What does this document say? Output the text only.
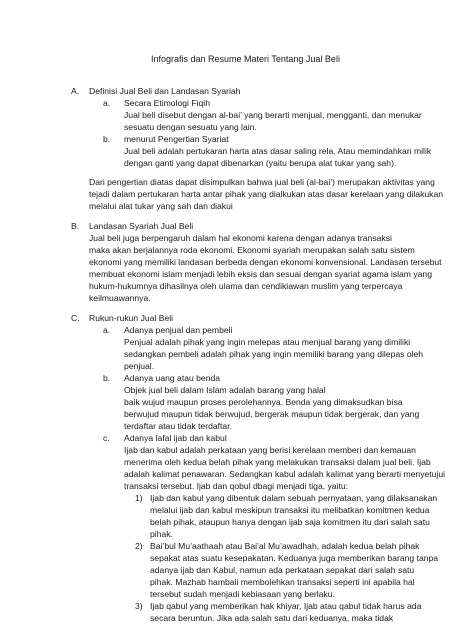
Infografis dan Resume Materi Tentang Jual Beli
A. Definisi Jual Beli dan Landasan Syariah
a. Secara Etimologi Fiqih
Jual beli disebut dengan al-bai’ yang berarti menjual, mengganti, dan menukar
sesuatu dengan sesuatu yang lain.
b. menurut Pengertian Syariat
Jual beli adalah pertukaran harta atas dasar saling rela. Atau memindahkan milik
dengan ganti yang dapat dibenarkan (yaitu berupa alat tukar yang sah).
Dari pengertian diatas dapat disimpulkan bahwa jual beli (al-bai’) merupakan aktivitas yang
tejadi dalam pertukaran harta antar pihak yang dialkukan atas dasar kerelaan yang dilakukan
melalui alat tukar yang sah dan diakui
B. Landasan Syariah Jual Beli
Jual beli juga berpengaruh dalam hal ekonomi karena dengan adanya transaksi
maka akan berjalannya roda ekonomi. Ekonomi syariah merupakan salah satu sistem
ekonomi yang memiliki landasan berbeda dengan ekonomi konvensional. Landasan tersebut
membuat ekonomi islam menjadi lebih eksis dan sesuai dengan syariat agama islam yang
hukum-hukumnya dihasilnya oleh ulama dan cendikiawan muslim yang terpercaya
keilmuawannya.
C. Rukun-rukun Jual Beli
a. Adanya penjual dan pembeli
Penjual adalah pihak yang ingin melepas atau menjual barang yang dimiliki
sedangkan pembeli adalah pihak yang ingin memiliki barang yang dilepas oleh
penjual.
b. Adanya uang atau benda
Objek jual beli dalam Islam adalah barang yang halal
baik wujud maupun proses perolehannya. Benda yang dimaksudkan bisa
berwujud maupun tidak berwujud, bergerak maupun tidak bergerak, dan yang
terdaftar atau tidak terdaftar.
c. Adanya lafal ijab dan kabul
Ijab dan kabul adalah perkataan yang berisi kerelaan memberi dan kemauan
menerima oleh kedua belah pihak yang melakukan transaksi dalam jual beli. Ijab
adalah kalimat penawaran. Sedangkan kabul adalah kalimat yang berarti menyetujui
transaksi tersebut. Ijab dan qobul dbagi menjadi tiga, yaitu:
1) Ijab dan kabul yang dibentuk dalam sebuah pernyataan, yang dilaksanakan
melalui ijab dan kabul meskipun transaksi itu melibatkan komitmen kedua
belah pihak, ataupun hanya dengan ijab saja komitmen itu dari salah satu
pihak.
2) Bai’bul Mu’aathaah atau Bai’al Mu’awadhah, adalah kedua belah pihak
sepakat atas suatu kesepakatan. Keduanya juga memberikan barang tanpa
adanya ijab dan Kabul, namun ada perkataan sepakat dari salah satu
pihak. Mazhab hambali membolehkan transaksi seperti ini apabila hal
tersebut sudah menjadi kebiasaan yang berlaku.
3) Ijab qabul yang memberikan hak khiyar, Ijab atau qabul tidak harus ada
secara beruntun. Jika ada salah satu dari keduanya, maka tidak
